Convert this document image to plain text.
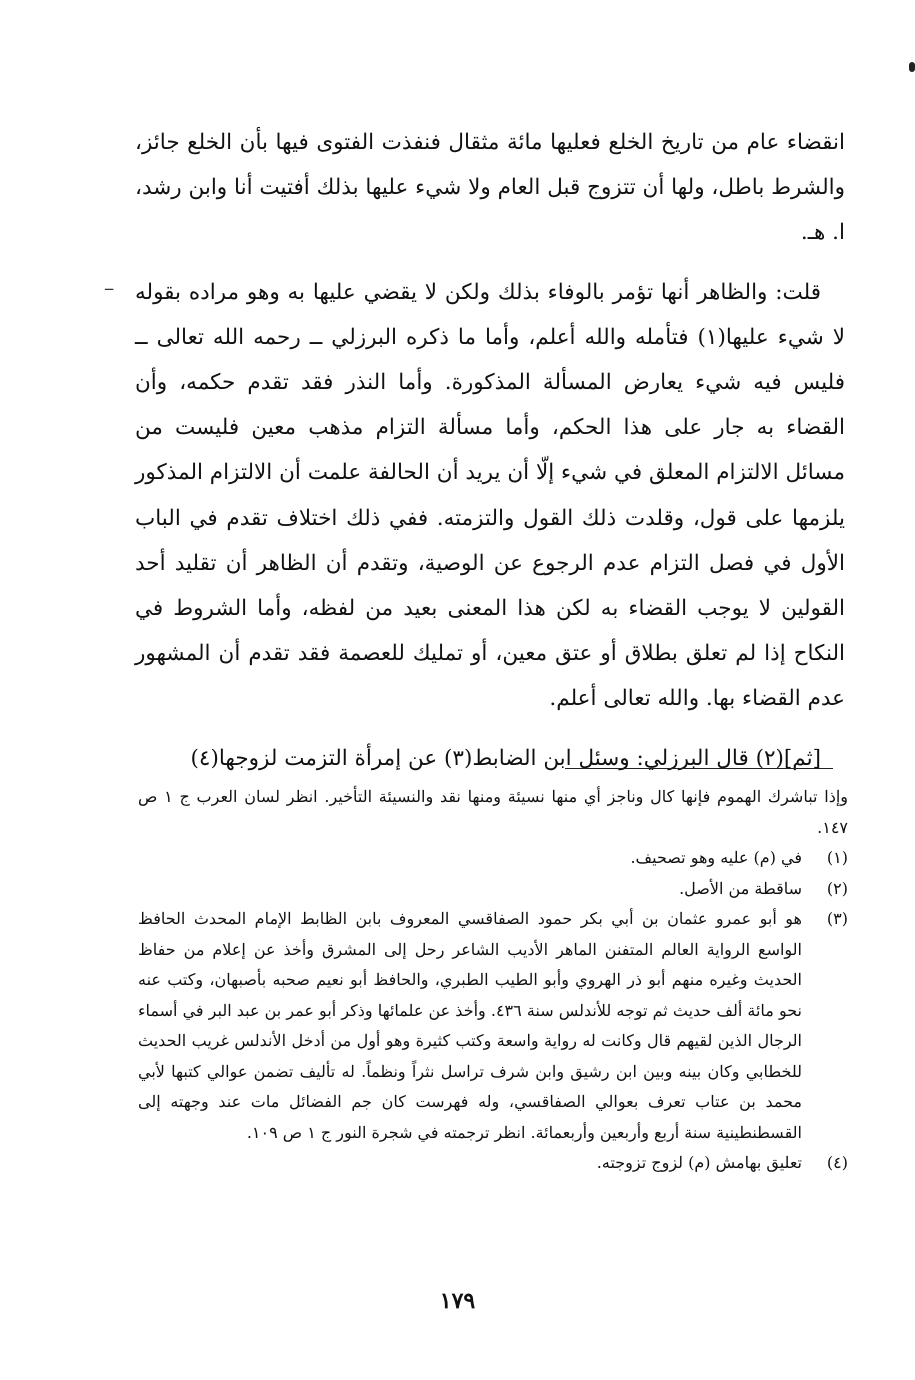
انقضاء عام من تاريخ الخلع فعليها مائة مثقال فنفذت الفتوى فيها بأن الخلع جائز، والشرط باطل، ولها أن تتزوج قبل العام ولا شيء عليها بذلك أفتيت أنا وابن رشد، ا. هـ.

قلت: والظاهر أنها تؤمر بالوفاء بذلك ولكن لا يقضي عليها به وهو مراده بقوله لا شيء عليها(١) فتأمله والله أعلم، وأما ما ذكره البرزلي ــ رحمه الله تعالى ــ فليس فيه شيء يعارض المسألة المذكورة. وأما النذر فقد تقدم حكمه، وأن القضاء به جار على هذا الحكم، وأما مسألة التزام مذهب معين فليست من مسائل الالتزام المعلق في شيء إلّا أن يريد أن الحالفة علمت أن الالتزام المذكور يلزمها على قول، وقلدت ذلك القول والتزمته. ففي ذلك اختلاف تقدم في الباب الأول في فصل التزام عدم الرجوع عن الوصية، وتقدم أن الظاهر أن تقليد أحد القولين لا يوجب القضاء به لكن هذا المعنى بعيد من لفظه، وأما الشروط في النكاح إذا لم تعلق بطلاق أو عتق معين، أو تمليك للعصمة فقد تقدم أن المشهور عدم القضاء بها. والله تعالى أعلم.

[ثم](٢) قال البرزلي: وسئل ابن الضابط(٣) عن إمرأة التزمت لزوجها(٤)

ــ

وإذا تباشرك الهموم فإنها كال وناجز أي منها نسيئة ومنها نقد والنسيئة التأخير. انظر لسان العرب ج ١ ص ١٤٧.

(١)
في (م) عليه وهو تصحيف.
(٢)
ساقطة من الأصل.
(٣)
هو أبو عمرو عثمان بن أبي بكر حمود الصفاقسي المعروف بابن الظابط الإمام المحدث الحافظ الواسع الرواية العالم المتفنن الماهر الأديب الشاعر رحل إلى المشرق وأخذ عن إعلام من حفاظ الحديث وغيره منهم أبو ذر الهروي وأبو الطيب الطبري، والحافظ أبو نعيم صحبه بأصبهان، وكتب عنه نحو مائة ألف حديث ثم توجه للأندلس سنة ٤٣٦. وأخذ عن علمائها وذكر أبو عمر بن عبد البر في أسماء الرجال الذين لقيهم قال وكانت له رواية واسعة وكتب كثيرة وهو أول من أدخل الأندلس غريب الحديث للخطابي وكان بينه وبين ابن رشيق وابن شرف تراسل نثراً ونظماً. له تأليف تضمن عوالي كتبها لأبي محمد بن عتاب تعرف بعوالي الصفاقسي، وله فهرست كان جم الفضائل مات عند وجهته إلى القسطنطينية سنة أربع وأربعين وأربعمائة. انظر ترجمته في شجرة النور ج ١ ص ١٠٩.
(٤)
تعليق بهامش (م) لزوج تزوجته.
١٧٩
